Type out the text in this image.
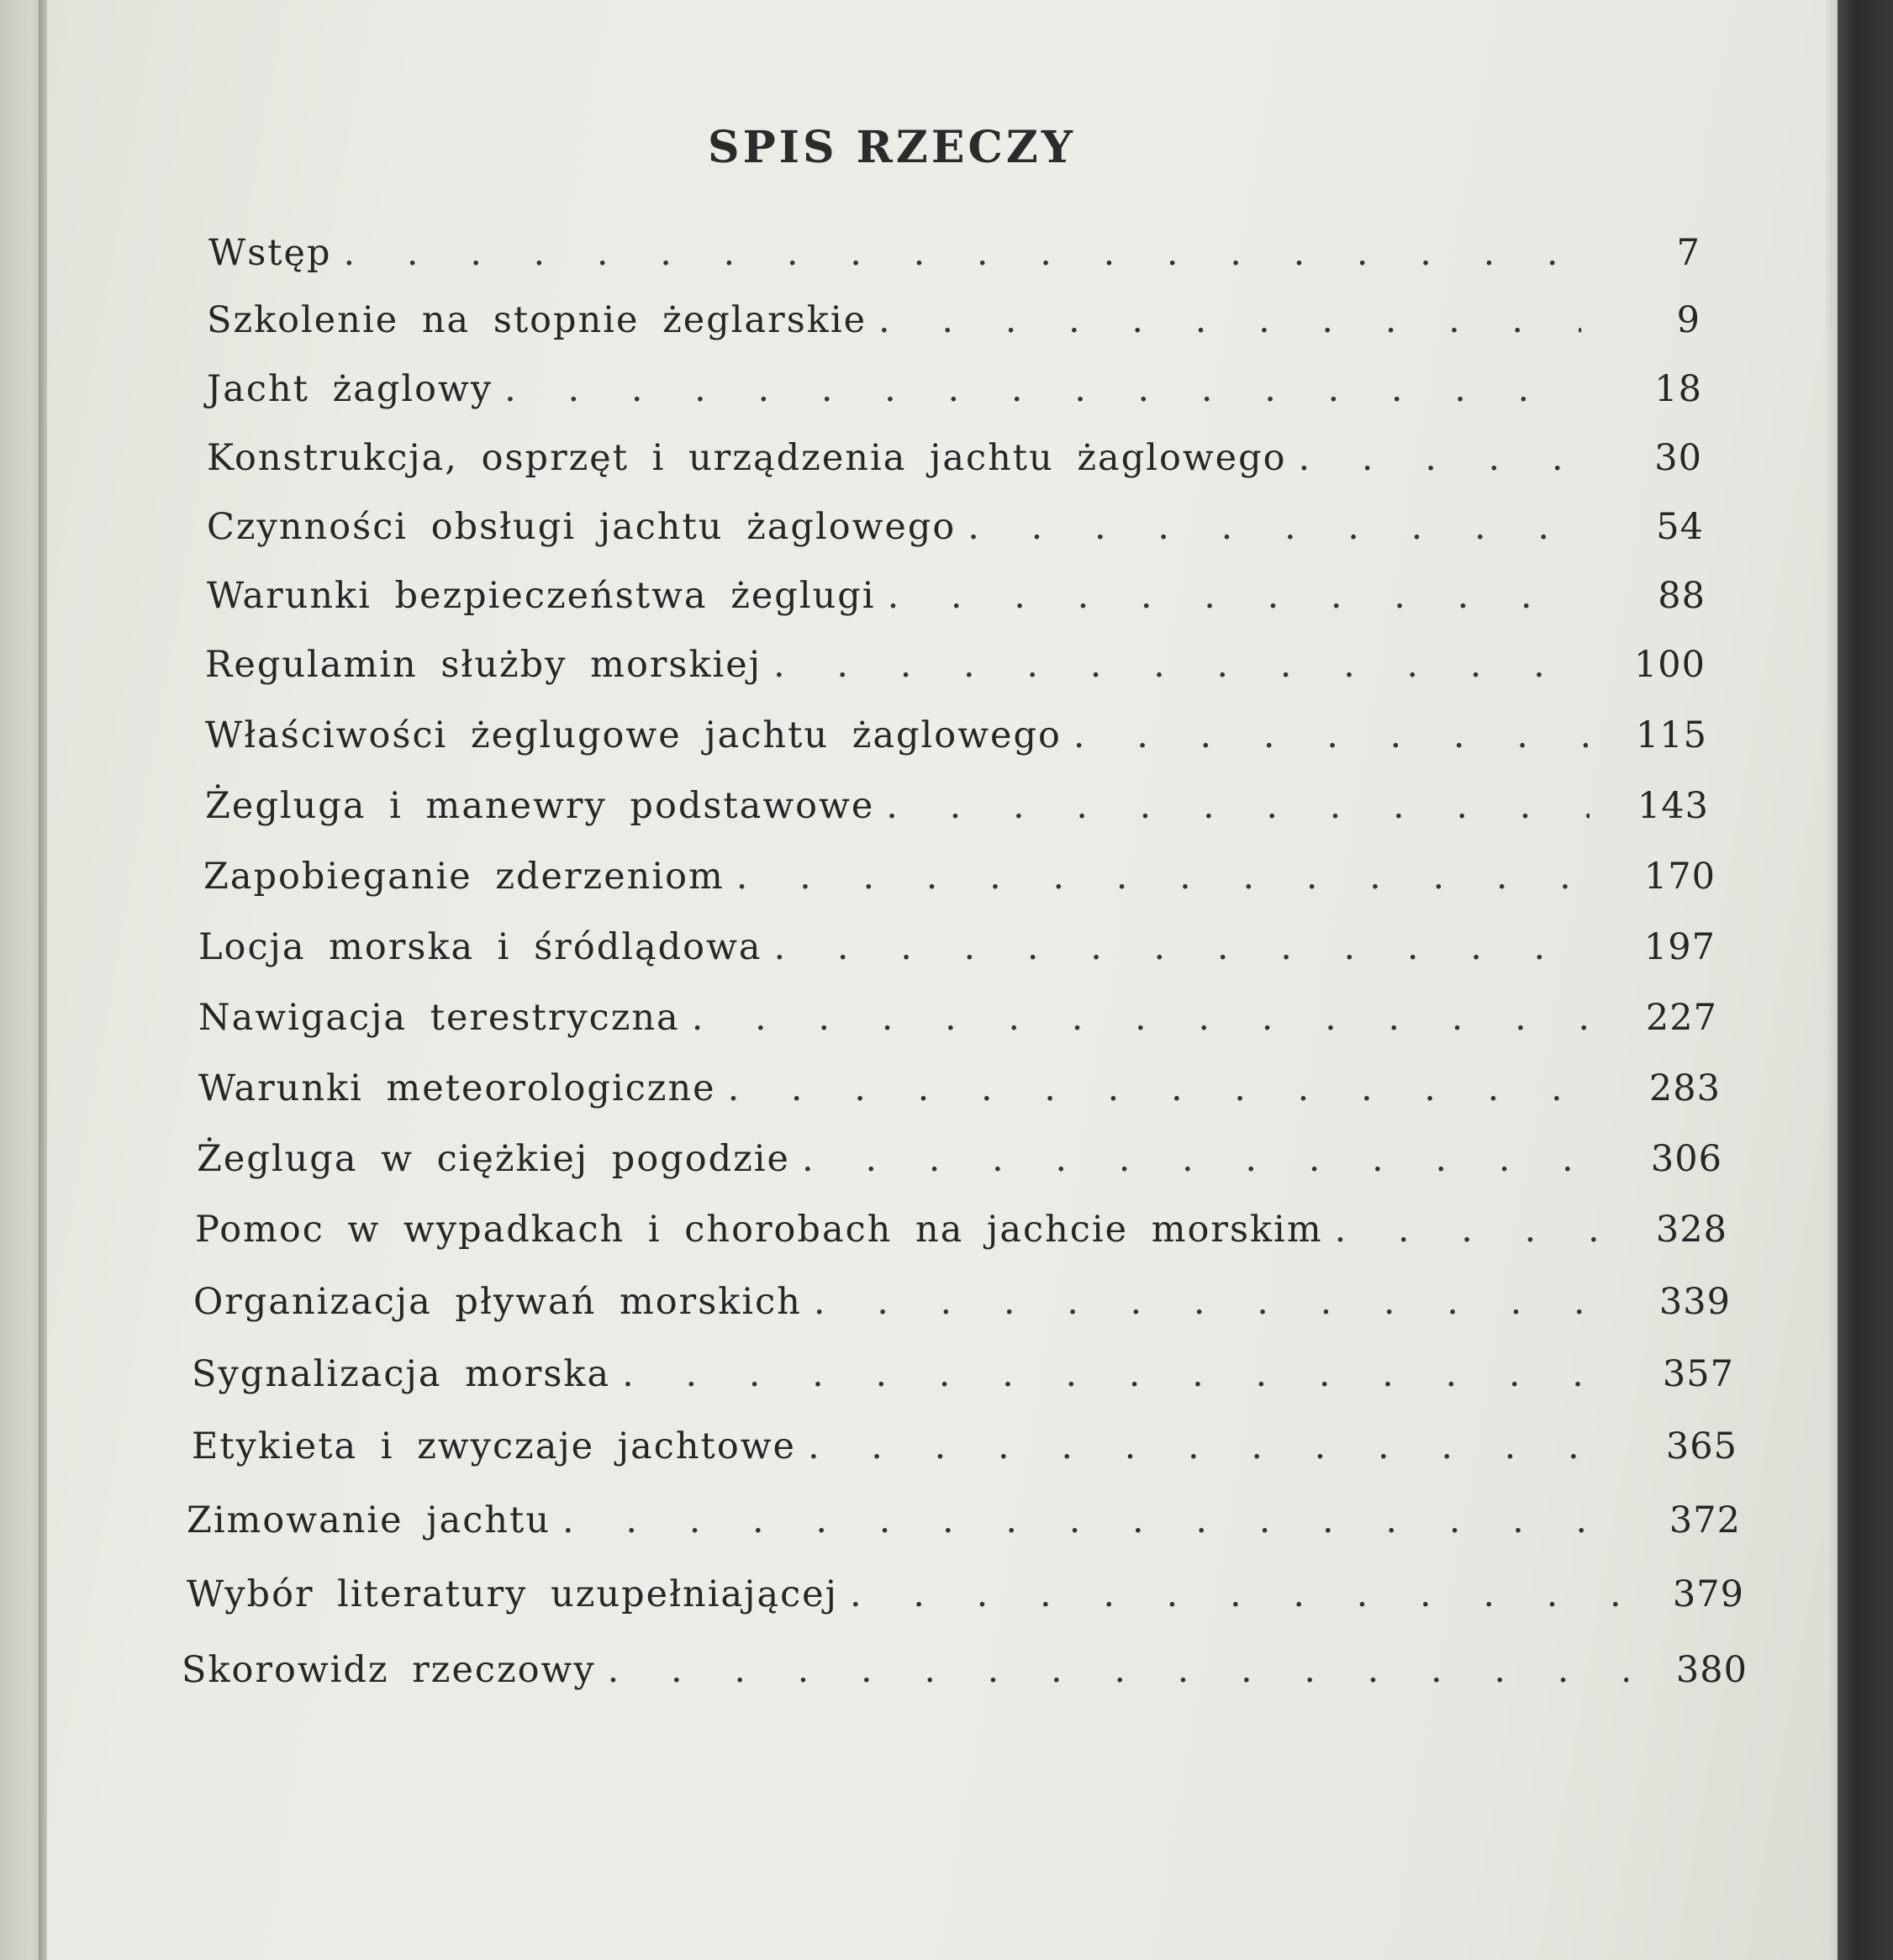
SPIS RZECZY
Wstęp . . .	7
Szkolenie na stopnie żeglarskie . . .	9
Jacht żaglowy . . .	18
Konstrukcja, osprzęt i urządzenia jachtu żaglowego . . .	30
Czynności obsługi jachtu żaglowego . . .	54
Warunki bezpieczeństwa żeglugi . . .	88
Regulamin służby morskiej . . .	100
Właściwości żeglugowe jachtu żaglowego . . .	115
Żegluga i manewry podstawowe . . .	143
Zapobieganie zderzeniom . . .	170
Locja morska i śródlądowa . . .	197
Nawigacja terestryczna . . .	227
Warunki meteorologiczne . . .	283
Żegluga w ciężkiej pogodzie . . .	306
Pomoc w wypadkach i chorobach na jachcie morskim . . .	328
Organizacja pływań morskich . . .	339
Sygnalizacja morska . . .	357
Etykieta i zwyczaje jachtowe . . .	365
Zimowanie jachtu . . .	372
Wybór literatury uzupełniającej . . .	379
Skorowidz rzeczowy . . .	380
